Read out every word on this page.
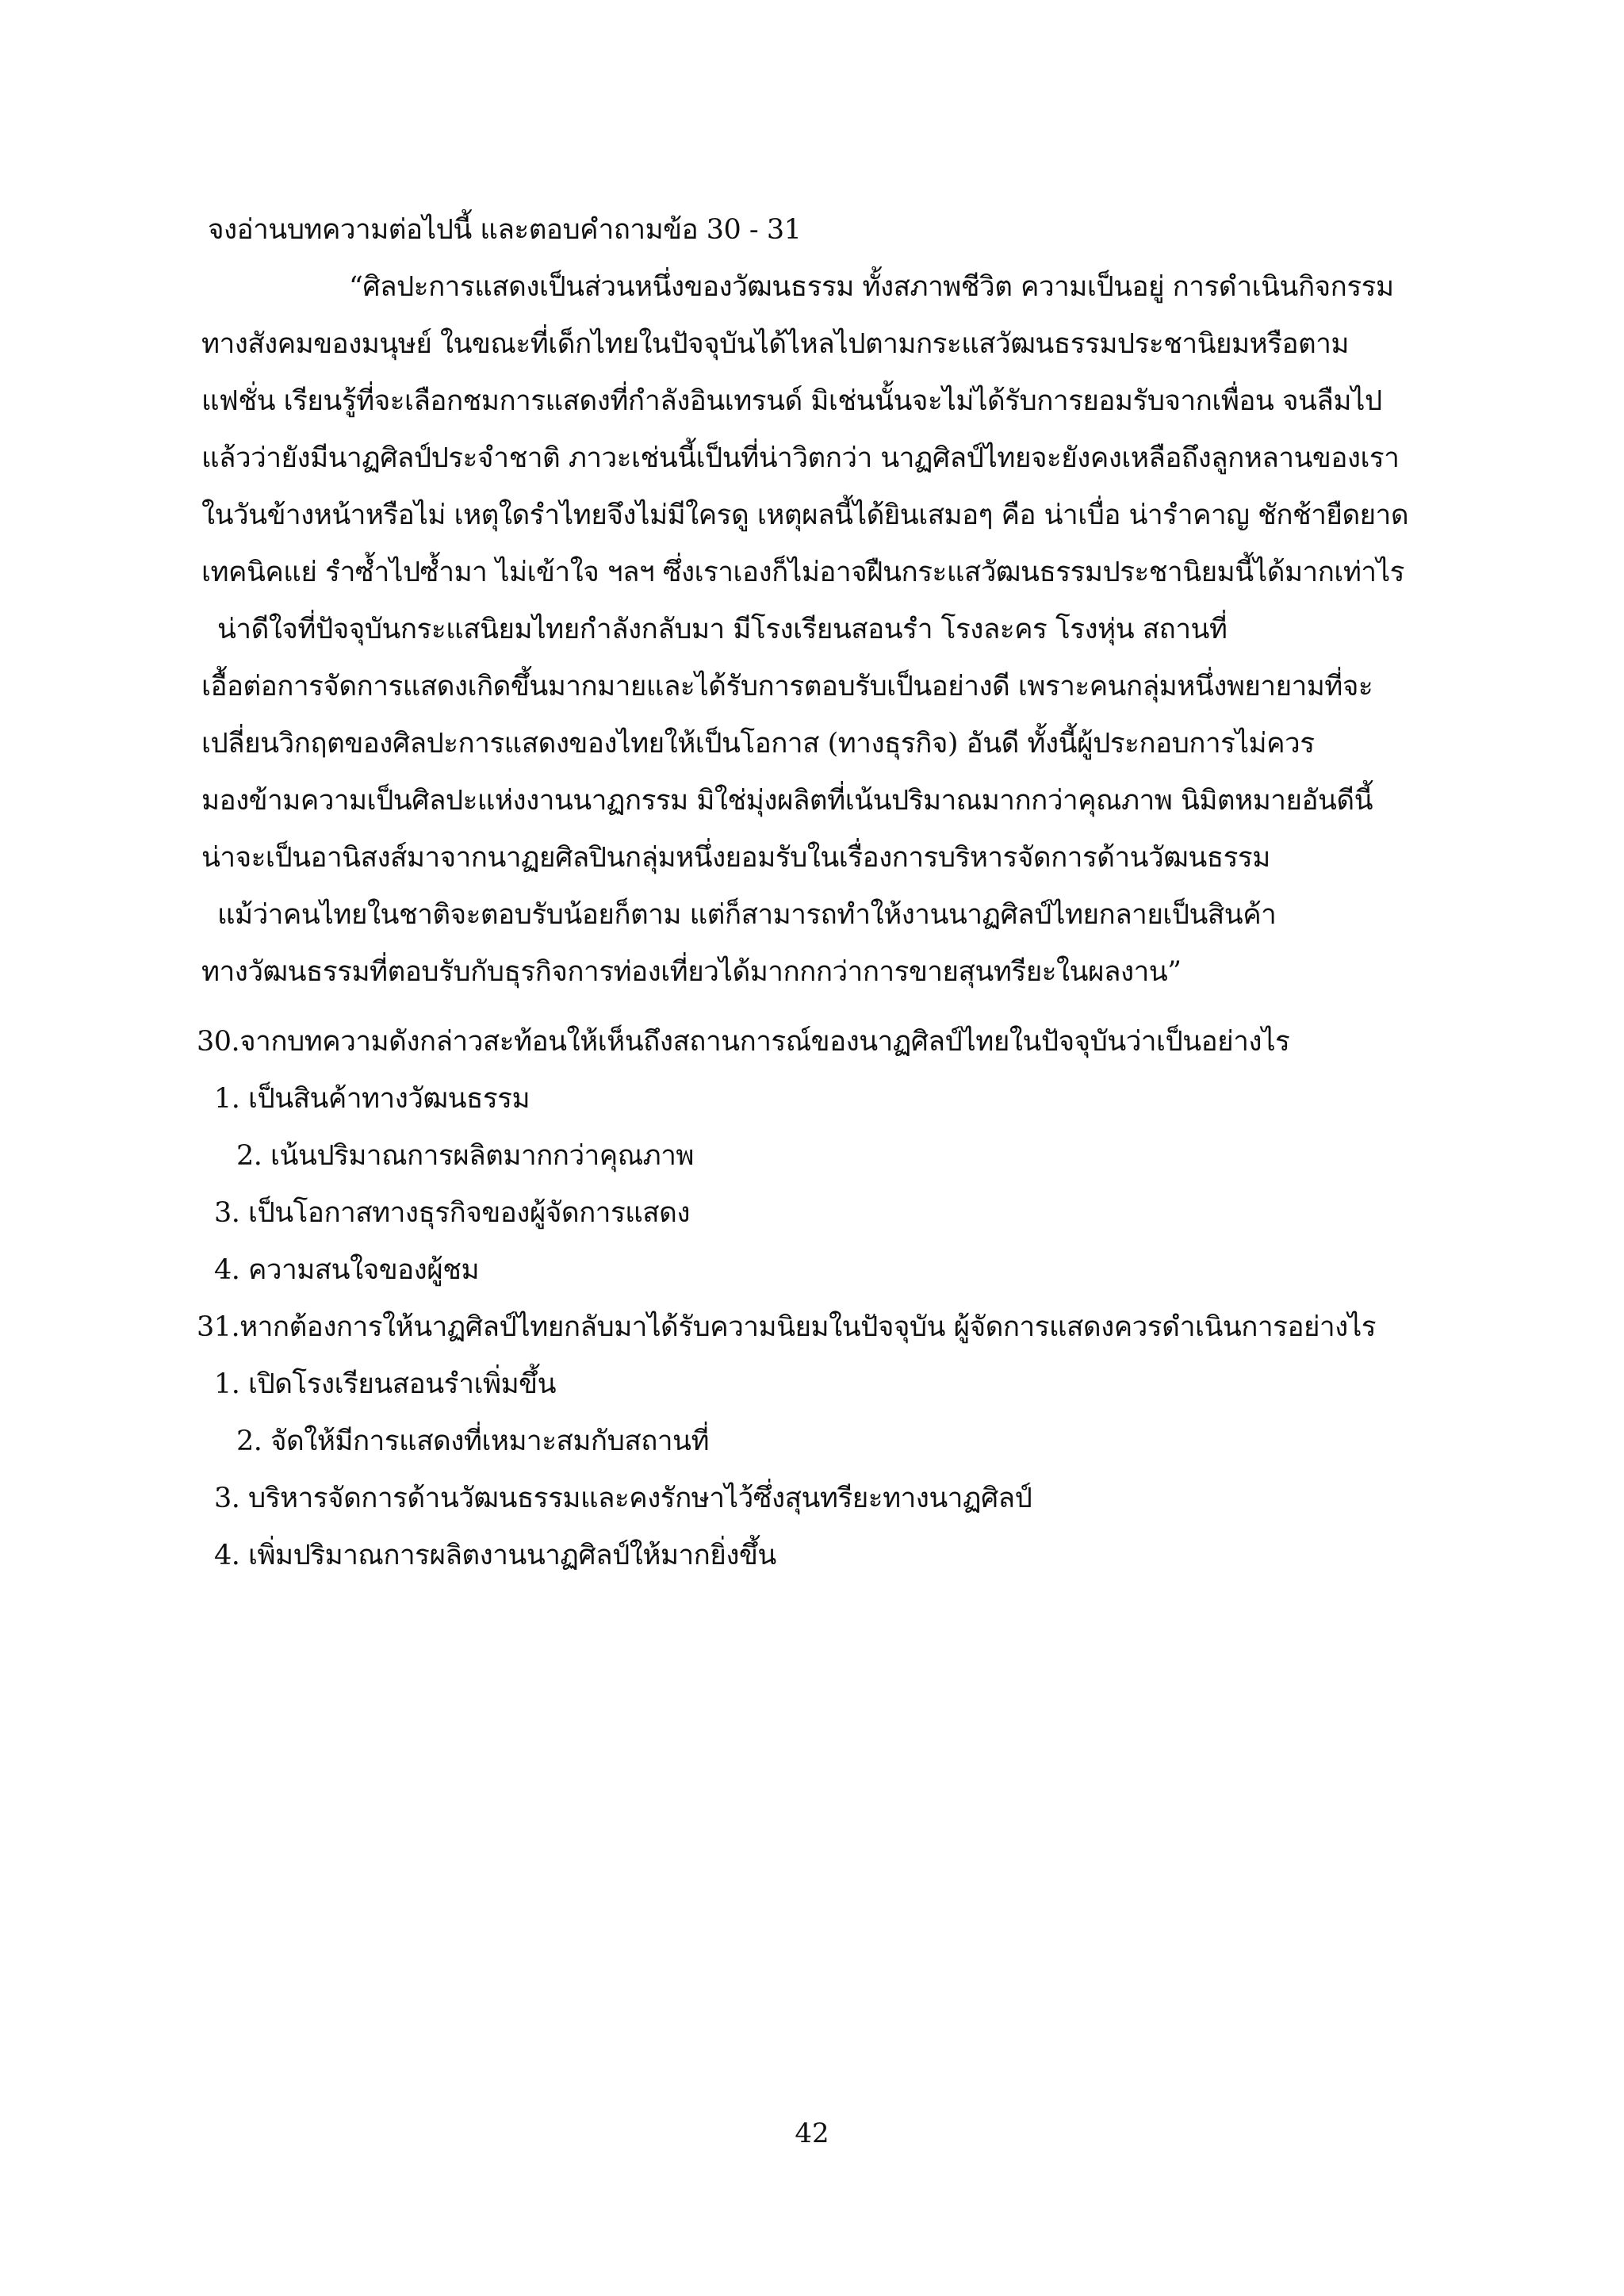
จงอ่านบทความต่อไปนี้ และตอบคำถามข้อ 30 - 31
“ศิลปะการแสดงเป็นส่วนหนึ่งของวัฒนธรรม ทั้งสภาพชีวิต ความเป็นอยู่ การดำเนินกิจกรรม
ทางสังคมของมนุษย์ ในขณะที่เด็กไทยในปัจจุบันได้ไหลไปตามกระแสวัฒนธรรมประชานิยมหรือตาม
แฟชั่น เรียนรู้ที่จะเลือกชมการแสดงที่กำลังอินเทรนด์ มิเช่นนั้นจะไม่ได้รับการยอมรับจากเพื่อน จนลืมไป
แล้วว่ายังมีนาฏศิลป์ประจำชาติ ภาวะเช่นนี้เป็นที่น่าวิตกว่า นาฏศิลป์ไทยจะยังคงเหลือถึงลูกหลานของเรา
ในวันข้างหน้าหรือไม่ เหตุใดรำไทยจึงไม่มีใครดู เหตุผลนี้ได้ยินเสมอๆ คือ น่าเบื่อ น่ารำคาญ ชักช้ายืดยาด
เทคนิคแย่ รำซ้ำไปซ้ำมา ไม่เข้าใจ ฯลฯ ซึ่งเราเองก็ไม่อาจฝืนกระแสวัฒนธรรมประชานิยมนี้ได้มากเท่าไร
น่าดีใจที่ปัจจุบันกระแสนิยมไทยกำลังกลับมา มีโรงเรียนสอนรำ โรงละคร โรงหุ่น สถานที่
เอื้อต่อการจัดการแสดงเกิดขึ้นมากมายและได้รับการตอบรับเป็นอย่างดี เพราะคนกลุ่มหนึ่งพยายามที่จะ
เปลี่ยนวิกฤตของศิลปะการแสดงของไทยให้เป็นโอกาส (ทางธุรกิจ) อันดี ทั้งนี้ผู้ประกอบการไม่ควร
มองข้ามความเป็นศิลปะแห่งงานนาฏกรรม มิใช่มุ่งผลิตที่เน้นปริมาณมากกว่าคุณภาพ นิมิตหมายอันดีนี้
น่าจะเป็นอานิสงส์มาจากนาฏยศิลปินกลุ่มหนึ่งยอมรับในเรื่องการบริหารจัดการด้านวัฒนธรรม
แม้ว่าคนไทยในชาติจะตอบรับน้อยก็ตาม แต่ก็สามารถทำให้งานนาฏศิลป์ไทยกลายเป็นสินค้า
ทางวัฒนธรรมที่ตอบรับกับธุรกิจการท่องเที่ยวได้มากกกว่าการขายสุนทรียะในผลงาน”
30.จากบทความดังกล่าวสะท้อนให้เห็นถึงสถานการณ์ของนาฏศิลป์ไทยในปัจจุบันว่าเป็นอย่างไร
1. เป็นสินค้าทางวัฒนธรรม
2. เน้นปริมาณการผลิตมากกว่าคุณภาพ
3. เป็นโอกาสทางธุรกิจของผู้จัดการแสดง
4. ความสนใจของผู้ชม
31.หากต้องการให้นาฏศิลป์ไทยกลับมาได้รับความนิยมในปัจจุบัน ผู้จัดการแสดงควรดำเนินการอย่างไร
1. เปิดโรงเรียนสอนรำเพิ่มขึ้น
2. จัดให้มีการแสดงที่เหมาะสมกับสถานที่
3. บริหารจัดการด้านวัฒนธรรมและคงรักษาไว้ซึ่งสุนทรียะทางนาฏศิลป์
4. เพิ่มปริมาณการผลิตงานนาฏศิลป์ให้มากยิ่งขึ้น
42
